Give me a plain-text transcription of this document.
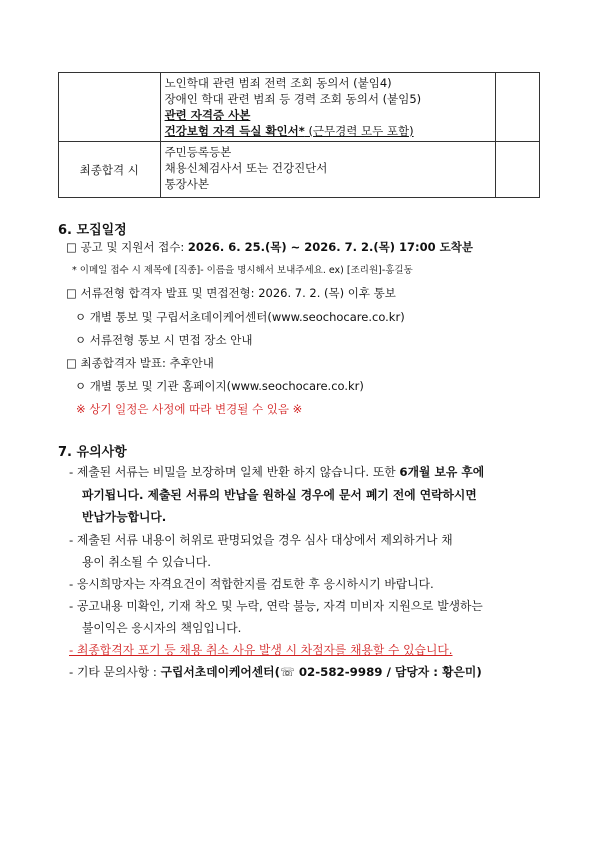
	노인학대 관련 범죄 전력 조회 동의서 (붙임4)
장애인 학대 관련 범죄 등 경력 조회 동의서 (붙임5)
관련 자격증 사본
건강보험 자격 득실 확인서* (근무경력 모두 포함)	

최종합격 시	주민등록등본
채용신체검사서 또는 건강진단서
통장사본	

6. 모집일정
□ 공고 및 지원서 접수: 2026. 6. 25.(목) ~ 2026. 7. 2.(목) 17:00 도착분
* 이메일 접수 시 제목에 [직종]- 이름을 명시해서 보내주세요. ex) [조리원]-홍길동
□ 서류전형 합격자 발표 및 면접전형: 2026. 7. 2. (목) 이후 통보
ㅇ 개별 통보 및 구립서초데이케어센터(www.seochocare.co.kr)
ㅇ 서류전형 통보 시 면접 장소 안내
□ 최종합격자 발표: 추후안내
ㅇ 개별 통보 및 기관 홈페이지(www.seochocare.co.kr)
※ 상기 일정은 사정에 따라 변경될 수 있음 ※
7. 유의사항
- 제출된 서류는 비밀을 보장하며 일체 반환 하지 않습니다. 또한 6개월 보유 후에
파기됩니다. 제출된 서류의 반납을 원하실 경우에 문서 폐기 전에 연락하시면
반납가능합니다.
- 제출된 서류 내용이 허위로 판명되었을 경우 심사 대상에서 제외하거나 채
용이 취소될 수 있습니다.
- 응시희망자는 자격요건이 적합한지를 검토한 후 응시하시기 바랍니다.
- 공고내용 미확인, 기재 착오 및 누락, 연락 불능, 자격 미비자 지원으로 발생하는
불이익은 응시자의 책임입니다.
- 최종합격자 포기 등 채용 취소 사유 발생 시 차점자를 채용할 수 있습니다.
- 기타 문의사항 : 구립서초데이케어센터(☏ 02-582-9989 / 담당자 : 황은미)
